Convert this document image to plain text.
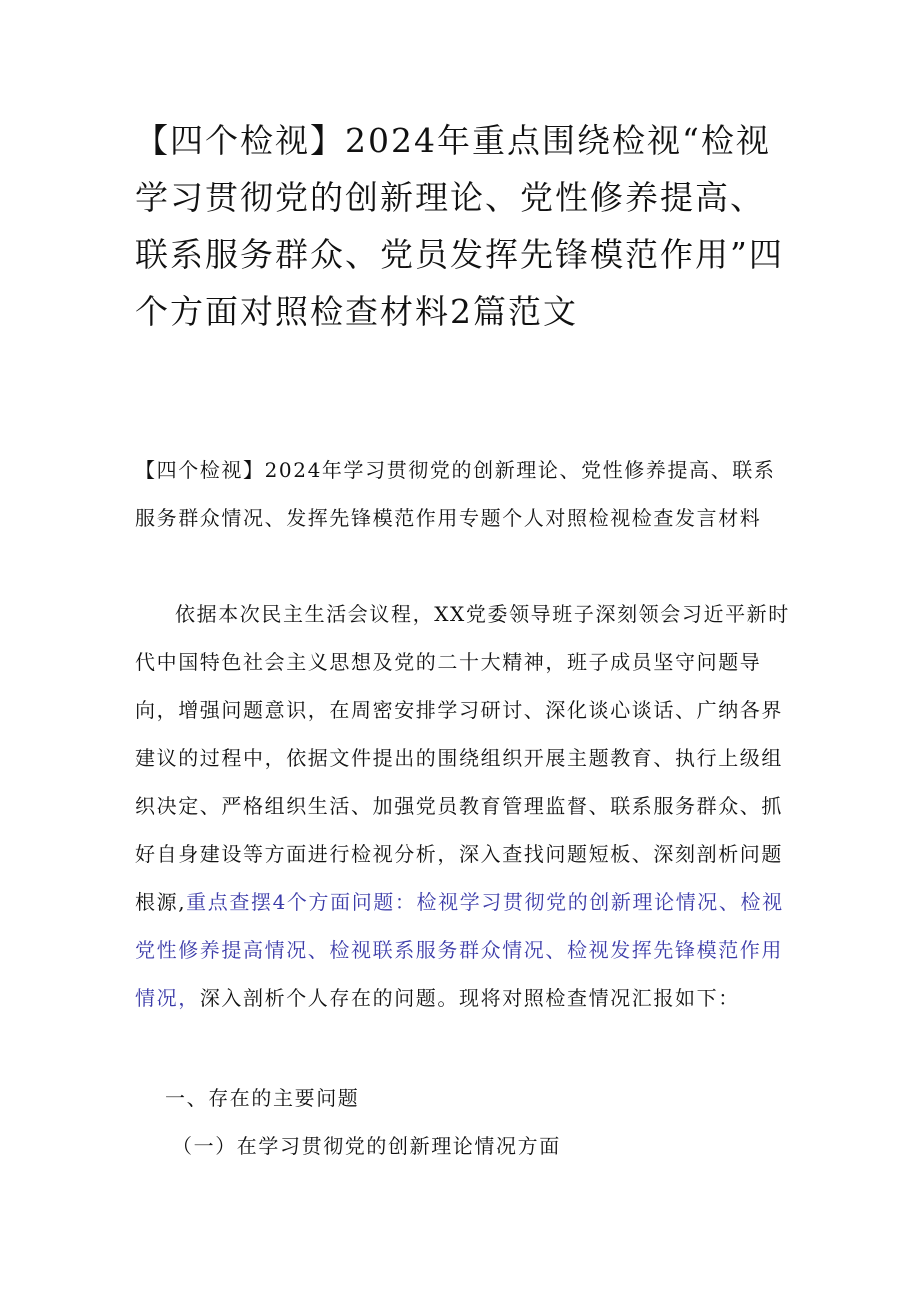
【四个检视】2024年重点围绕检视“检视学习贯彻党的创新理论、党性修养提高、联系服务群众、党员发挥先锋模范作用”四个方面对照检查材料2篇范文

【四个检视】2024年学习贯彻党的创新理论、党性修养提高、联系服务群众情况、发挥先锋模范作用专题个人对照检视检查发言材料

依据本次民主生活会议程，XX党委领导班子深刻领会习近平新时代中国特色社会主义思想及党的二十大精神，班子成员坚守问题导向，增强问题意识，在周密安排学习研讨、深化谈心谈话、广纳各界建议的过程中，依据文件提出的围绕组织开展主题教育、执行上级组织决定、严格组织生活、加强党员教育管理监督、联系服务群众、抓好自身建设等方面进行检视分析，深入查找问题短板、深刻剖析问题根源,重点查摆4个方面问题：检视学习贯彻党的创新理论情况、检视党性修养提高情况、检视联系服务群众情况、检视发挥先锋模范作用情况，深入剖析个人存在的问题。现将对照检查情况汇报如下：

一、存在的主要问题
（一）在学习贯彻党的创新理论情况方面
